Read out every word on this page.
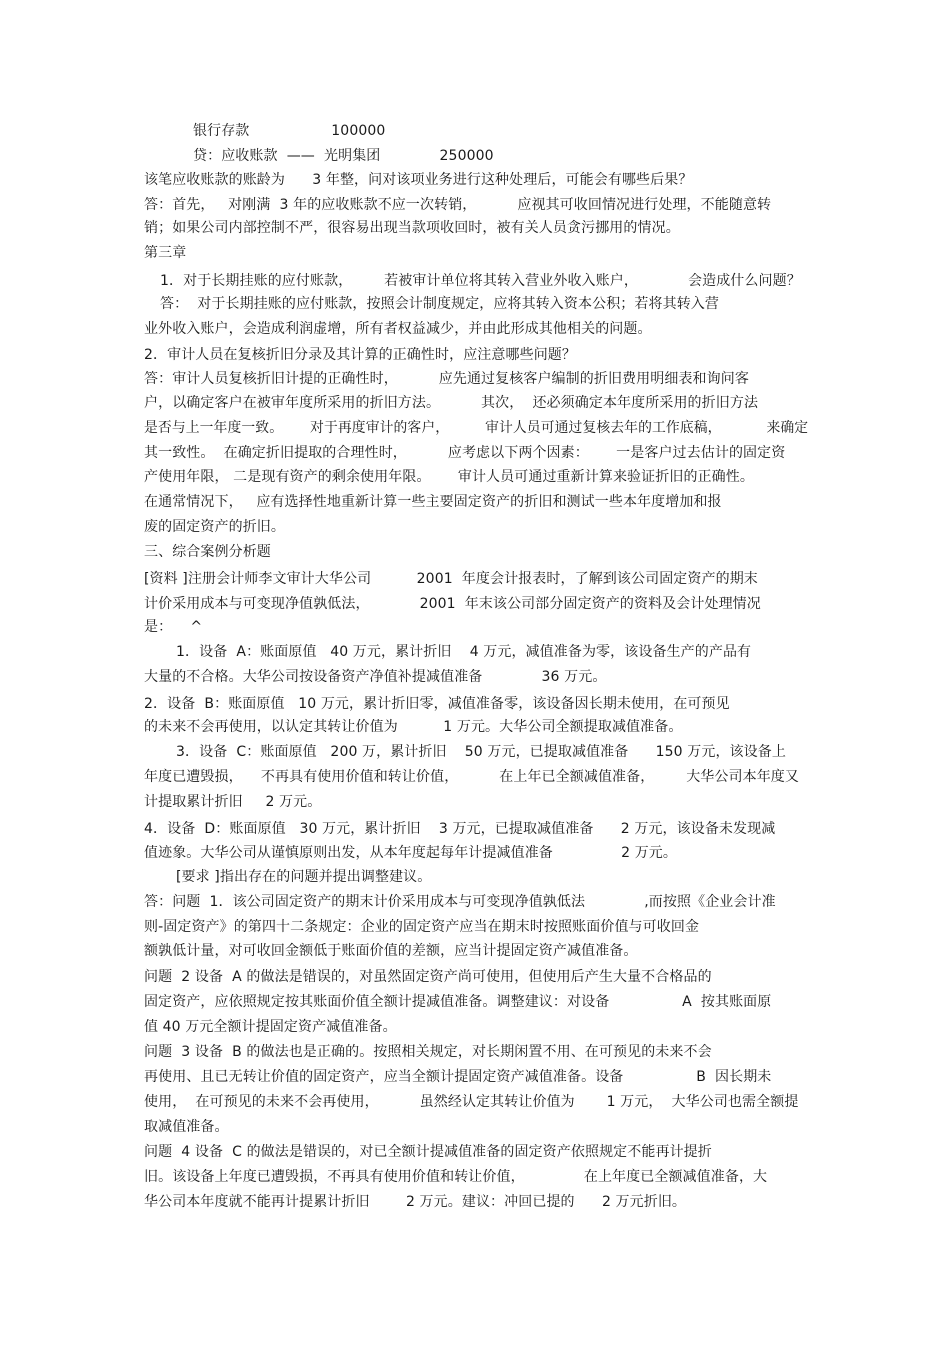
银行存款                  100000
贷：应收账款  ——  光明集团             250000
该笔应收账款的账龄为      3 年整，问对该项业务进行这种处理后，可能会有哪些后果？
答：首先，   对刚满  3 年的应收账款不应一次转销，         应视其可收回情况进行处理，不能随意转
销；如果公司内部控制不严，很容易出现当款项收回时，被有关人员贪污挪用的情况。
第三章
1．对于长期挂账的应付账款，       若被审计单位将其转入营业外收入账户，           会造成什么问题？
答：  对于长期挂账的应付账款，按照会计制度规定，应将其转入资本公积；若将其转入营
业外收入账户，会造成利润虚增，所有者权益减少，并由此形成其他相关的问题。
2．审计人员在复核折旧分录及其计算的正确性时，应注意哪些问题？
答：审计人员复核折旧计提的正确性时，         应先通过复核客户编制的折旧费用明细表和询问客
户，以确定客户在被审年度所采用的折旧方法。         其次，  还必须确定本年度所采用的折旧方法
是否与上一年度一致。      对于再度审计的客户，        审计人员可通过复核去年的工作底稿，          来确定
其一致性。  在确定折旧提取的合理性时，         应考虑以下两个因素：      一是客户过去估计的固定资
产使用年限， 二是现有资产的剩余使用年限。      审计人员可通过重新计算来验证折旧的正确性。
在通常情况下，   应有选择性地重新计算一些主要固定资产的折旧和测试一些本年度增加和报
废的固定资产的折旧。
三、综合案例分析题
[资料 ]注册会计师李文审计大华公司          2001  年度会计报表时，了解到该公司固定资产的期末
计价采用成本与可变现净值孰低法，           2001  年末该公司部分固定资产的资料及会计处理情况
是：    ^
1．设备  A：账面原值   40 万元，累计折旧    4 万元，减值准备为零，该设备生产的产品有
大量的不合格。大华公司按设备资产净值补提减值准备             36 万元。
2．设备  B：账面原值   10 万元，累计折旧零，减值准备零，该设备因长期未使用，在可预见
的未来不会再使用，以认定其转让价值为          1 万元。大华公司全额提取减值准备。
3．设备  C：账面原值   200 万，累计折旧    50 万元，已提取减值准备      150 万元，该设备上
年度已遭毁损，    不再具有使用价值和转让价值，         在上年已全额减值准备，       大华公司本年度又
计提取累计折旧     2 万元。
4．设备  D：账面原值   30 万元，累计折旧    3 万元，已提取减值准备      2 万元，该设备未发现减
值迹象。大华公司从谨慎原则出发，从本年度起每年计提减值准备               2 万元。
[要求 ]指出存在的问题并提出调整建议。
答：问题  1．该公司固定资产的期末计价采用成本与可变现净值孰低法             ,而按照《企业会计准
则-固定资产》的第四十二条规定：企业的固定资产应当在期末时按照账面价值与可收回金
额孰低计量，对可收回金额低于账面价值的差额，应当计提固定资产减值准备。
问题  2 设备  A 的做法是错误的，对虽然固定资产尚可使用，但使用后产生大量不合格品的
固定资产，应依照规定按其账面价值全额计提减值准备。调整建议：对设备                A  按其账面原
值 40 万元全额计提固定资产减值准备。
问题  3 设备  B 的做法也是正确的。按照相关规定，对长期闲置不用、在可预见的未来不会
再使用、且已无转让价值的固定资产，应当全额计提固定资产减值准备。设备                B  因长期未
使用，  在可预见的未来不会再使用，         虽然经认定其转让价值为       1 万元，  大华公司也需全额提
取减值准备。
问题  4 设备  C 的做法是错误的，对已全额计提减值准备的固定资产依照规定不能再计提折
旧。该设备上年度已遭毁损，不再具有使用价值和转让价值，             在上年度已全额减值准备，大
华公司本年度就不能再计提累计折旧        2 万元。建议：冲回已提的      2 万元折旧。
